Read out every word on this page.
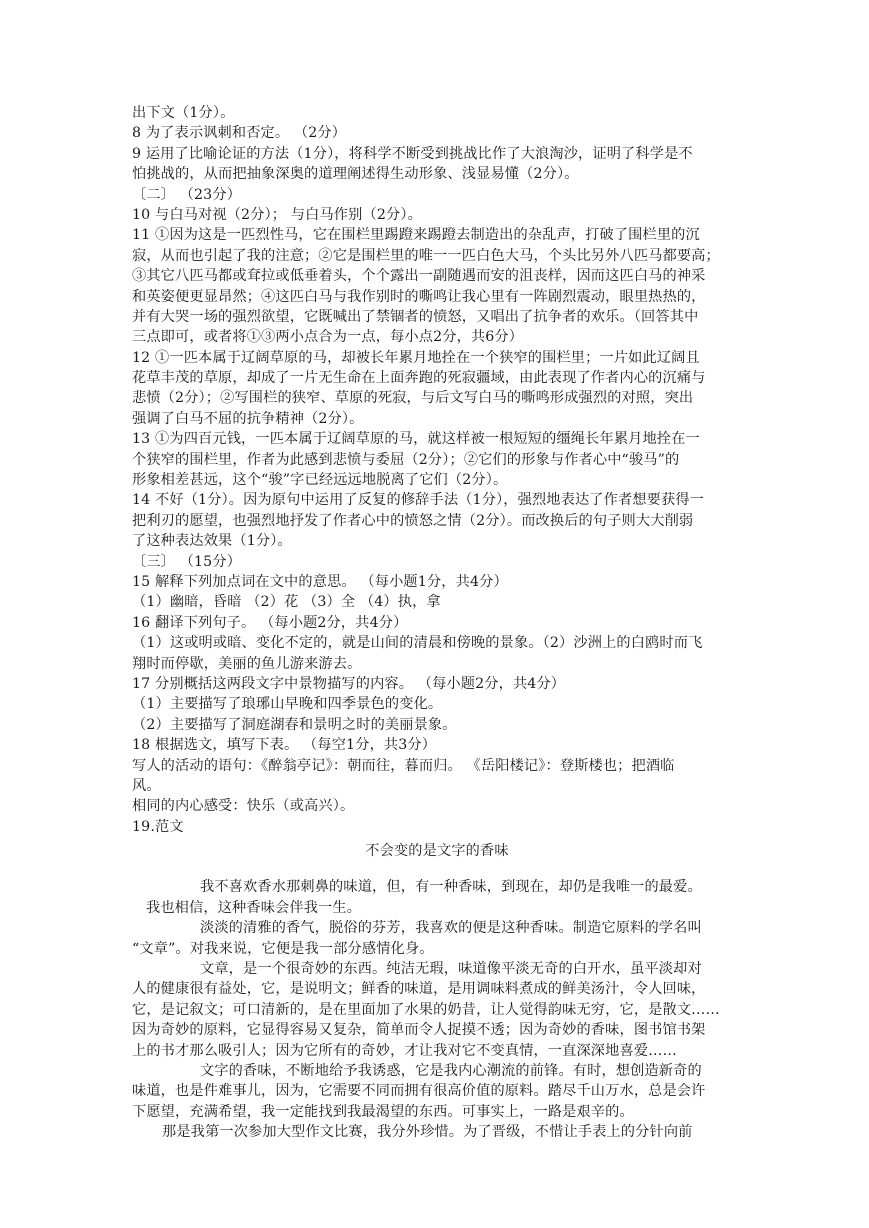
出下文（1分）。
8 为了表示讽刺和否定。 （2分）
9 运用了比喻论证的方法（1分），将科学不断受到挑战比作了大浪淘沙，证明了科学是不
怕挑战的，从而把抽象深奥的道理阐述得生动形象、浅显易懂（2分）。
〔二〕 （23分）
10 与白马对视（2分）； 与白马作别（2分）。
11 ①因为这是一匹烈性马，它在围栏里踢蹬来踢蹬去制造出的杂乱声，打破了围栏里的沉
寂，从而也引起了我的注意；②它是围栏里的唯一一匹白色大马，个头比另外八匹马都要高；
③其它八匹马都或耷拉或低垂着头，个个露出一副随遇而安的沮丧样，因而这匹白马的神采
和英姿便更显昂然；④这匹白马与我作别时的嘶鸣让我心里有一阵剧烈震动，眼里热热的，
并有大哭一场的强烈欲望，它既喊出了禁锢者的愤怒，又唱出了抗争者的欢乐。（回答其中
三点即可，或者将①③两小点合为一点，每小点2分，共6分）
12 ①一匹本属于辽阔草原的马，却被长年累月地拴在一个狭窄的围栏里；一片如此辽阔且
花草丰茂的草原，却成了一片无生命在上面奔跑的死寂疆域，由此表现了作者内心的沉痛与
悲愤（2分）；②写围栏的狭窄、草原的死寂，与后文写白马的嘶鸣形成强烈的对照，突出
强调了白马不屈的抗争精神（2分）。
13 ①为四百元钱，一匹本属于辽阔草原的马，就这样被一根短短的缰绳长年累月地拴在一
个狭窄的围栏里，作者为此感到悲愤与委屈（2分）；②它们的形象与作者心中“骏马”的
形象相差甚远，这个“骏”字已经远远地脱离了它们（2分）。
14 不好（1分）。因为原句中运用了反复的修辞手法（1分），强烈地表达了作者想要获得一
把利刃的愿望，也强烈地抒发了作者心中的愤怒之情（2分）。而改换后的句子则大大削弱
了这种表达效果（1分）。
〔三〕 （15分）
15 解释下列加点词在文中的意思。 （每小题1分，共4分）
（1）幽暗，昏暗 （2）花 （3）全 （4）执，拿
16 翻译下列句子。 （每小题2分，共4分）
（1）这或明或暗、变化不定的，就是山间的清晨和傍晚的景象。（2）沙洲上的白鸥时而飞
翔时而停歇，美丽的鱼儿游来游去。
17 分别概括这两段文字中景物描写的内容。 （每小题2分，共4分）
（1）主要描写了琅琊山早晚和四季景色的变化。
（2）主要描写了洞庭湖春和景明之时的美丽景象。
18 根据选文，填写下表。 （每空1分，共3分）
写人的活动的语句：《醉翁亭记》：朝而往，暮而归。 《岳阳楼记》：登斯楼也；把酒临
风。
相同的内心感受：快乐（或高兴）。
19.范文
不会变的是文字的香味
我不喜欢香水那刺鼻的味道，但，有一种香味，到现在，却仍是我唯一的最爱。
我也相信，这种香味会伴我一生。
淡淡的清雅的香气，脱俗的芬芳，我喜欢的便是这种香味。制造它原料的学名叫
“文章”。对我来说，它便是我一部分感情化身。
文章，是一个很奇妙的东西。纯洁无瑕，味道像平淡无奇的白开水，虽平淡却对
人的健康很有益处，它，是说明文；鲜香的味道，是用调味料煮成的鲜美汤汁，令人回味，
它，是记叙文；可口清新的，是在里面加了水果的奶昔，让人觉得韵味无穷，它，是散文……
因为奇妙的原料，它显得容易又复杂，简单而令人捉摸不透；因为奇妙的香味，图书馆书架
上的书才那么吸引人；因为它所有的奇妙，才让我对它不变真情，一直深深地喜爱……
文字的香味，不断地给予我诱惑，它是我内心潮流的前锋。有时，想创造新奇的
味道，也是件难事儿，因为，它需要不同而拥有很高价值的原料。踏尽千山万水，总是会许
下愿望，充满希望，我一定能找到我最渴望的东西。可事实上，一路是艰辛的。
那是我第一次参加大型作文比赛，我分外珍惜。为了晋级，不惜让手表上的分针向前
